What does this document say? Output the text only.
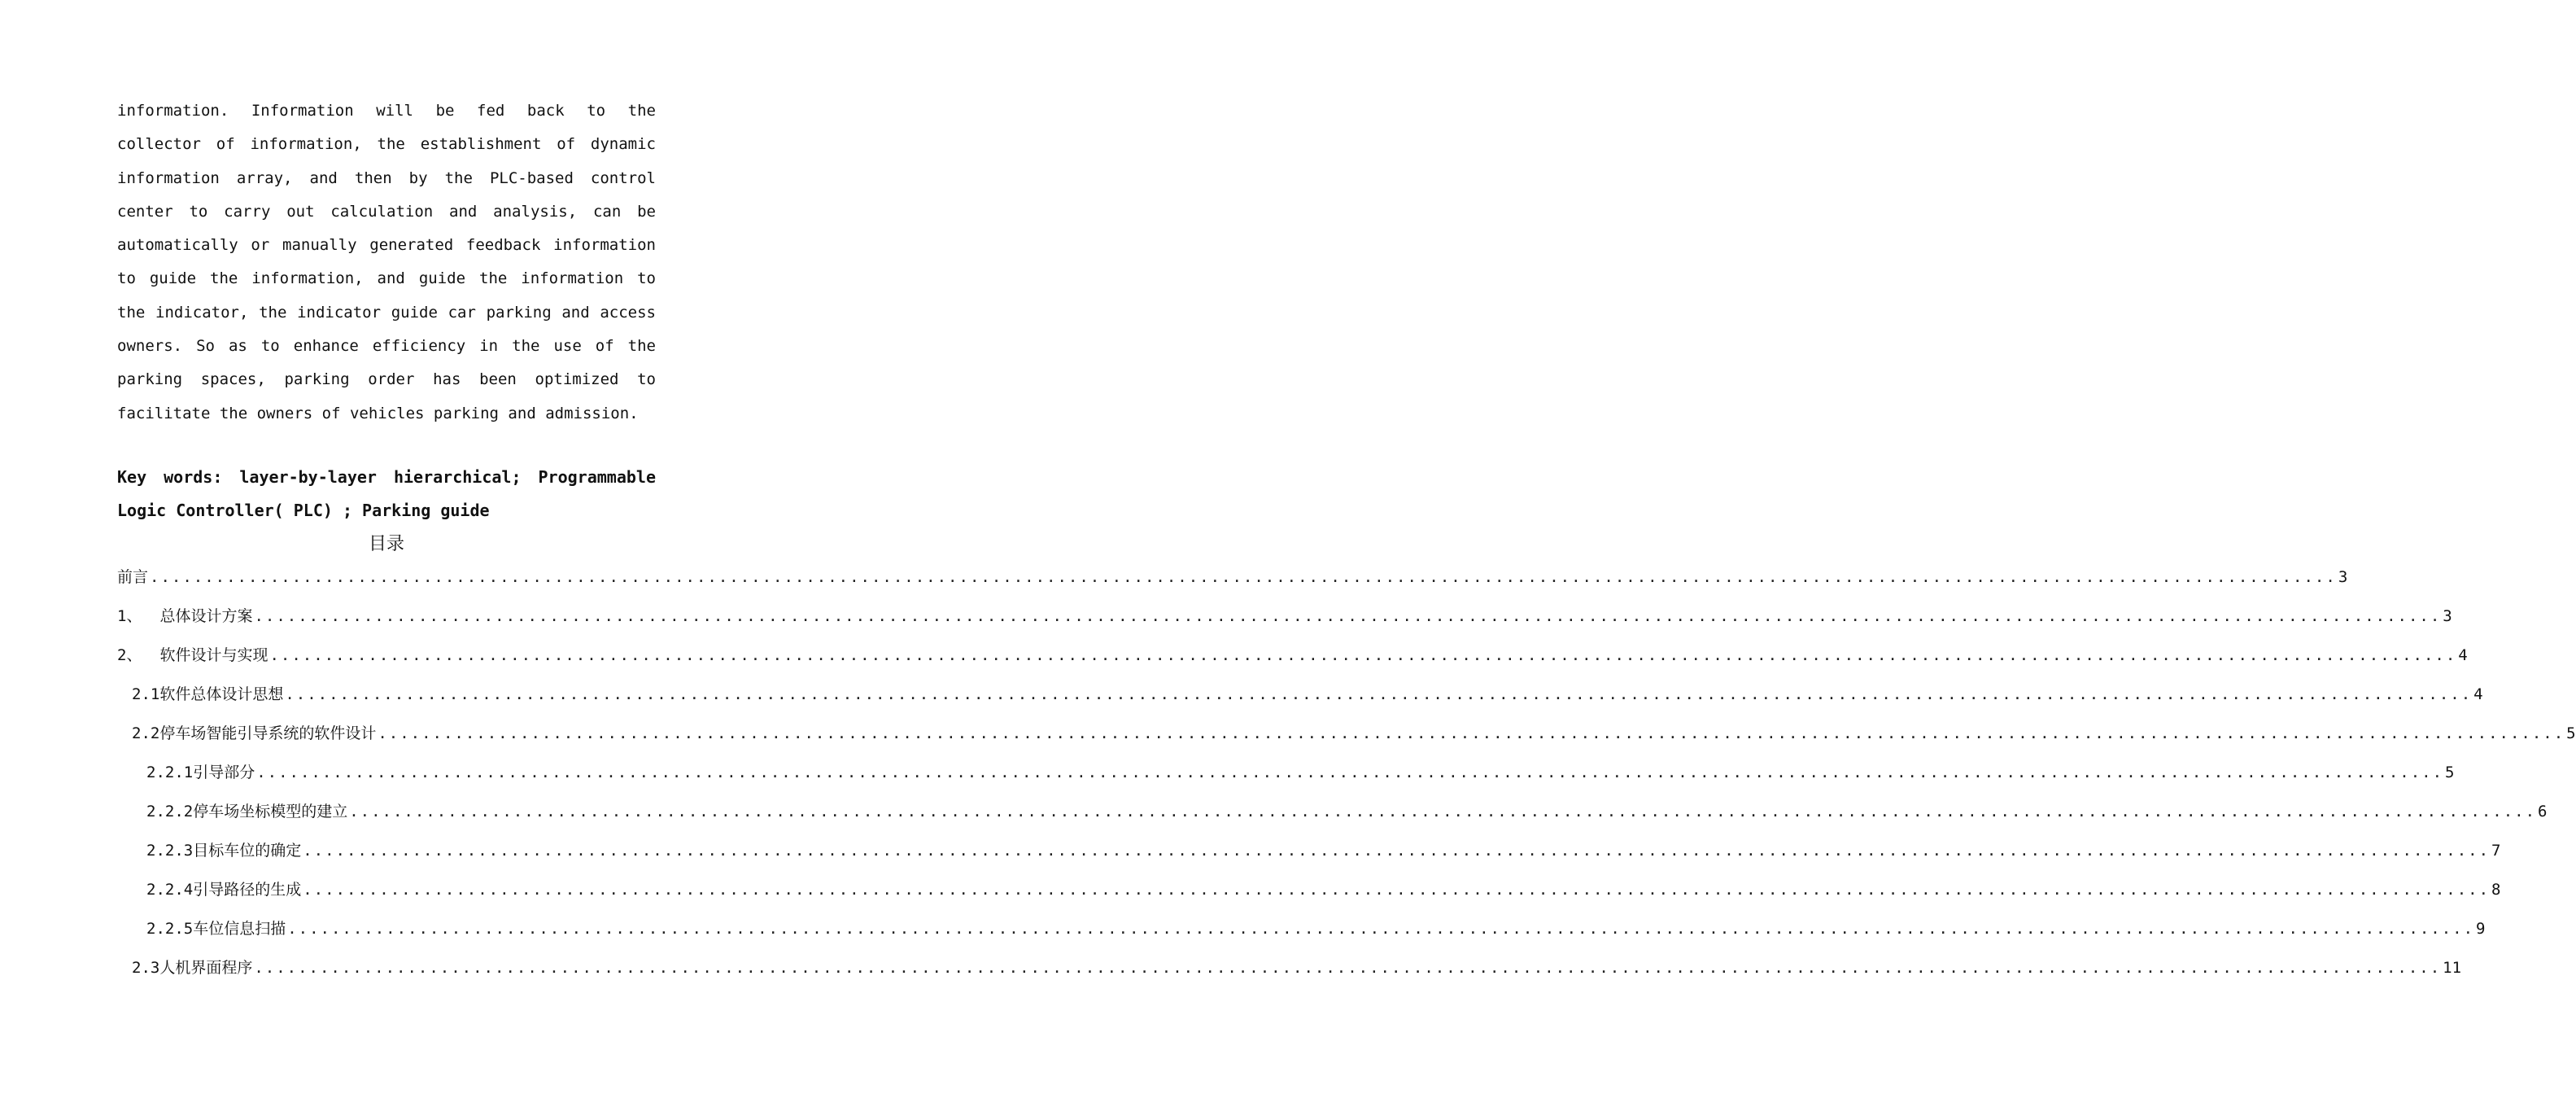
information. Information will be fed back to the
collector of information, the establishment of dynamic
information array, and then by the PLC-based control
center to carry out calculation and analysis, can be
automatically or manually generated feedback information
to guide the information, and guide the information to
the indicator, the indicator guide car parking and access
owners. So as to enhance efficiency in the use of the
parking spaces, parking order has been optimized to
facilitate the owners of vehicles parking and admission.
Key words: layer-by-layer hierarchical; Programmable
Logic Controller( PLC) ; Parking guide
目录
前言 ........................................................................................................................................................................................................ 3
1、 总体设计方案 ........................................................................................................................................................................................................ 3
2、 软件设计与实现 ........................................................................................................................................................................................................ 4
2.1软件总体设计思想 ........................................................................................................................................................................................................ 4
2.2停车场智能引导系统的软件设计 ........................................................................................................................................................................................................ 5
2.2.1引导部分 ........................................................................................................................................................................................................ 5
2.2.2停车场坐标模型的建立 ........................................................................................................................................................................................................ 6
2.2.3目标车位的确定 ........................................................................................................................................................................................................ 7
2.2.4引导路径的生成 ........................................................................................................................................................................................................ 8
2.2.5车位信息扫描 ........................................................................................................................................................................................................ 9
2.3人机界面程序 ........................................................................................................................................................................................................ 11
